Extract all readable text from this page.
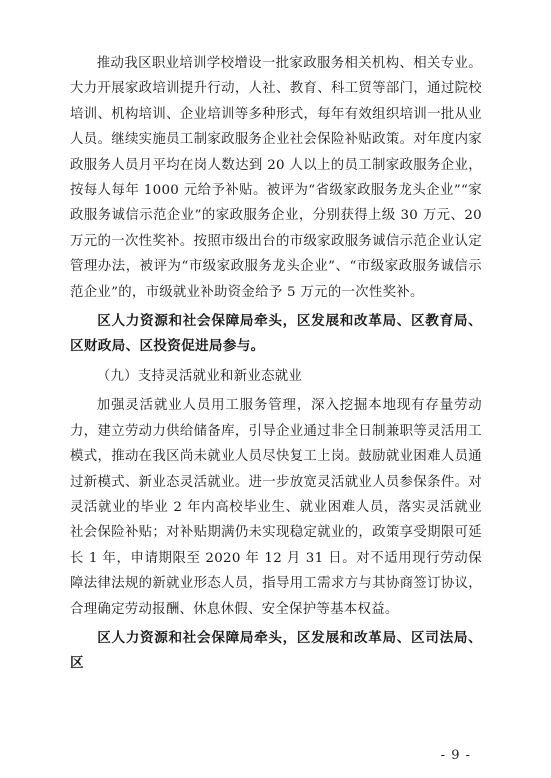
推动我区职业培训学校增设一批家政服务相关机构、相关专业。大力开展家政培训提升行动，人社、教育、科工贸等部门，通过院校培训、机构培训、企业培训等多种形式，每年有效组织培训一批从业人员。继续实施员工制家政服务企业社会保险补贴政策。对年度内家政服务人员月平均在岗人数达到 20 人以上的员工制家政服务企业，按每人每年 1000 元给予补贴。被评为“省级家政服务龙头企业”“家政服务诚信示范企业”的家政服务企业，分别获得上级 30 万元、20 万元的一次性奖补。按照市级出台的市级家政服务诚信示范企业认定管理办法，被评为“市级家政服务龙头企业”、“市级家政服务诚信示范企业”的，市级就业补助资金给予 5 万元的一次性奖补。

区人力资源和社会保障局牵头，区发展和改革局、区教育局、区财政局、区投资促进局参与。

（九）支持灵活就业和新业态就业

加强灵活就业人员用工服务管理，深入挖掘本地现有存量劳动力，建立劳动力供给储备库，引导企业通过非全日制兼职等灵活用工模式，推动在我区尚未就业人员尽快复工上岗。鼓励就业困难人员通过新模式、新业态灵活就业。进一步放宽灵活就业人员参保条件。对灵活就业的毕业 2 年内高校毕业生、就业困难人员，落实灵活就业社会保险补贴；对补贴期满仍未实现稳定就业的，政策享受期限可延长 1 年，申请期限至 2020 年 12 月 31 日。对不适用现行劳动保障法律法规的新就业形态人员，指导用工需求方与其协商签订协议，合理确定劳动报酬、休息休假、安全保护等基本权益。

区人力资源和社会保障局牵头，区发展和改革局、区司法局、区

- 9 -
